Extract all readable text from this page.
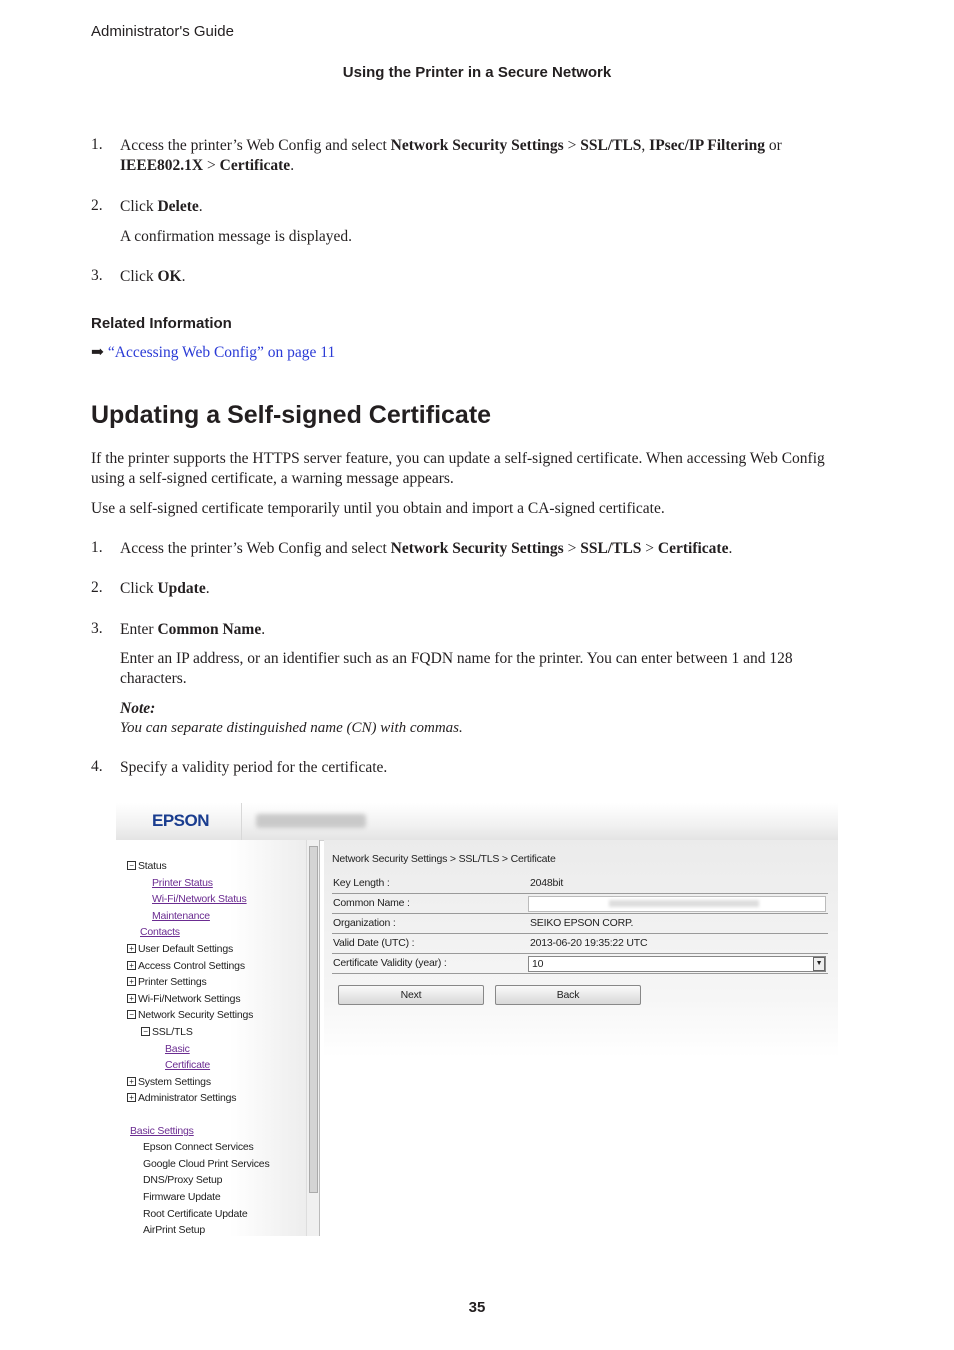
Administrator's Guide
Using the Printer in a Secure Network
1. Access the printer’s Web Config and select Network Security Settings > SSL/TLS, IPsec/IP Filtering or
IEEE802.1X > Certificate.
2. Click Delete.
A confirmation message is displayed.
3. Click OK.
Related Information
➡ “Accessing Web Config” on page 11
Updating a Self-signed Certificate
If the printer supports the HTTPS server feature, you can update a self-signed certificate. When accessing Web Config using a self-signed certificate, a warning message appears.
Use a self-signed certificate temporarily until you obtain and import a CA-signed certificate.
1. Access the printer’s Web Config and select Network Security Settings > SSL/TLS > Certificate.
2. Click Update.
3. Enter Common Name.
Enter an IP address, or an identifier such as an FQDN name for the printer. You can enter between 1 and 128 characters.
Note:
You can separate distinguished name (CN) with commas.
4. Specify a validity period for the certificate.
EPSON
− Status
Printer Status
Wi-Fi/Network Status
Maintenance
Contacts
+ User Default Settings
+ Access Control Settings
+ Printer Settings
+ Wi-Fi/Network Settings
− Network Security Settings
− SSL/TLS
Basic
Certificate
+ System Settings
+ Administrator Settings
Basic Settings
Epson Connect Services
Google Cloud Print Services
DNS/Proxy Setup
Firmware Update
Root Certificate Update
AirPrint Setup
Network Security Settings > SSL/TLS > Certificate
Key Length :	2048bit
Common Name :
Organization :	SEIKO EPSON CORP.
Valid Date (UTC) :	2013-06-20 19:35:22 UTC
Certificate Validity (year) :	10	▼
Next	Back
35
